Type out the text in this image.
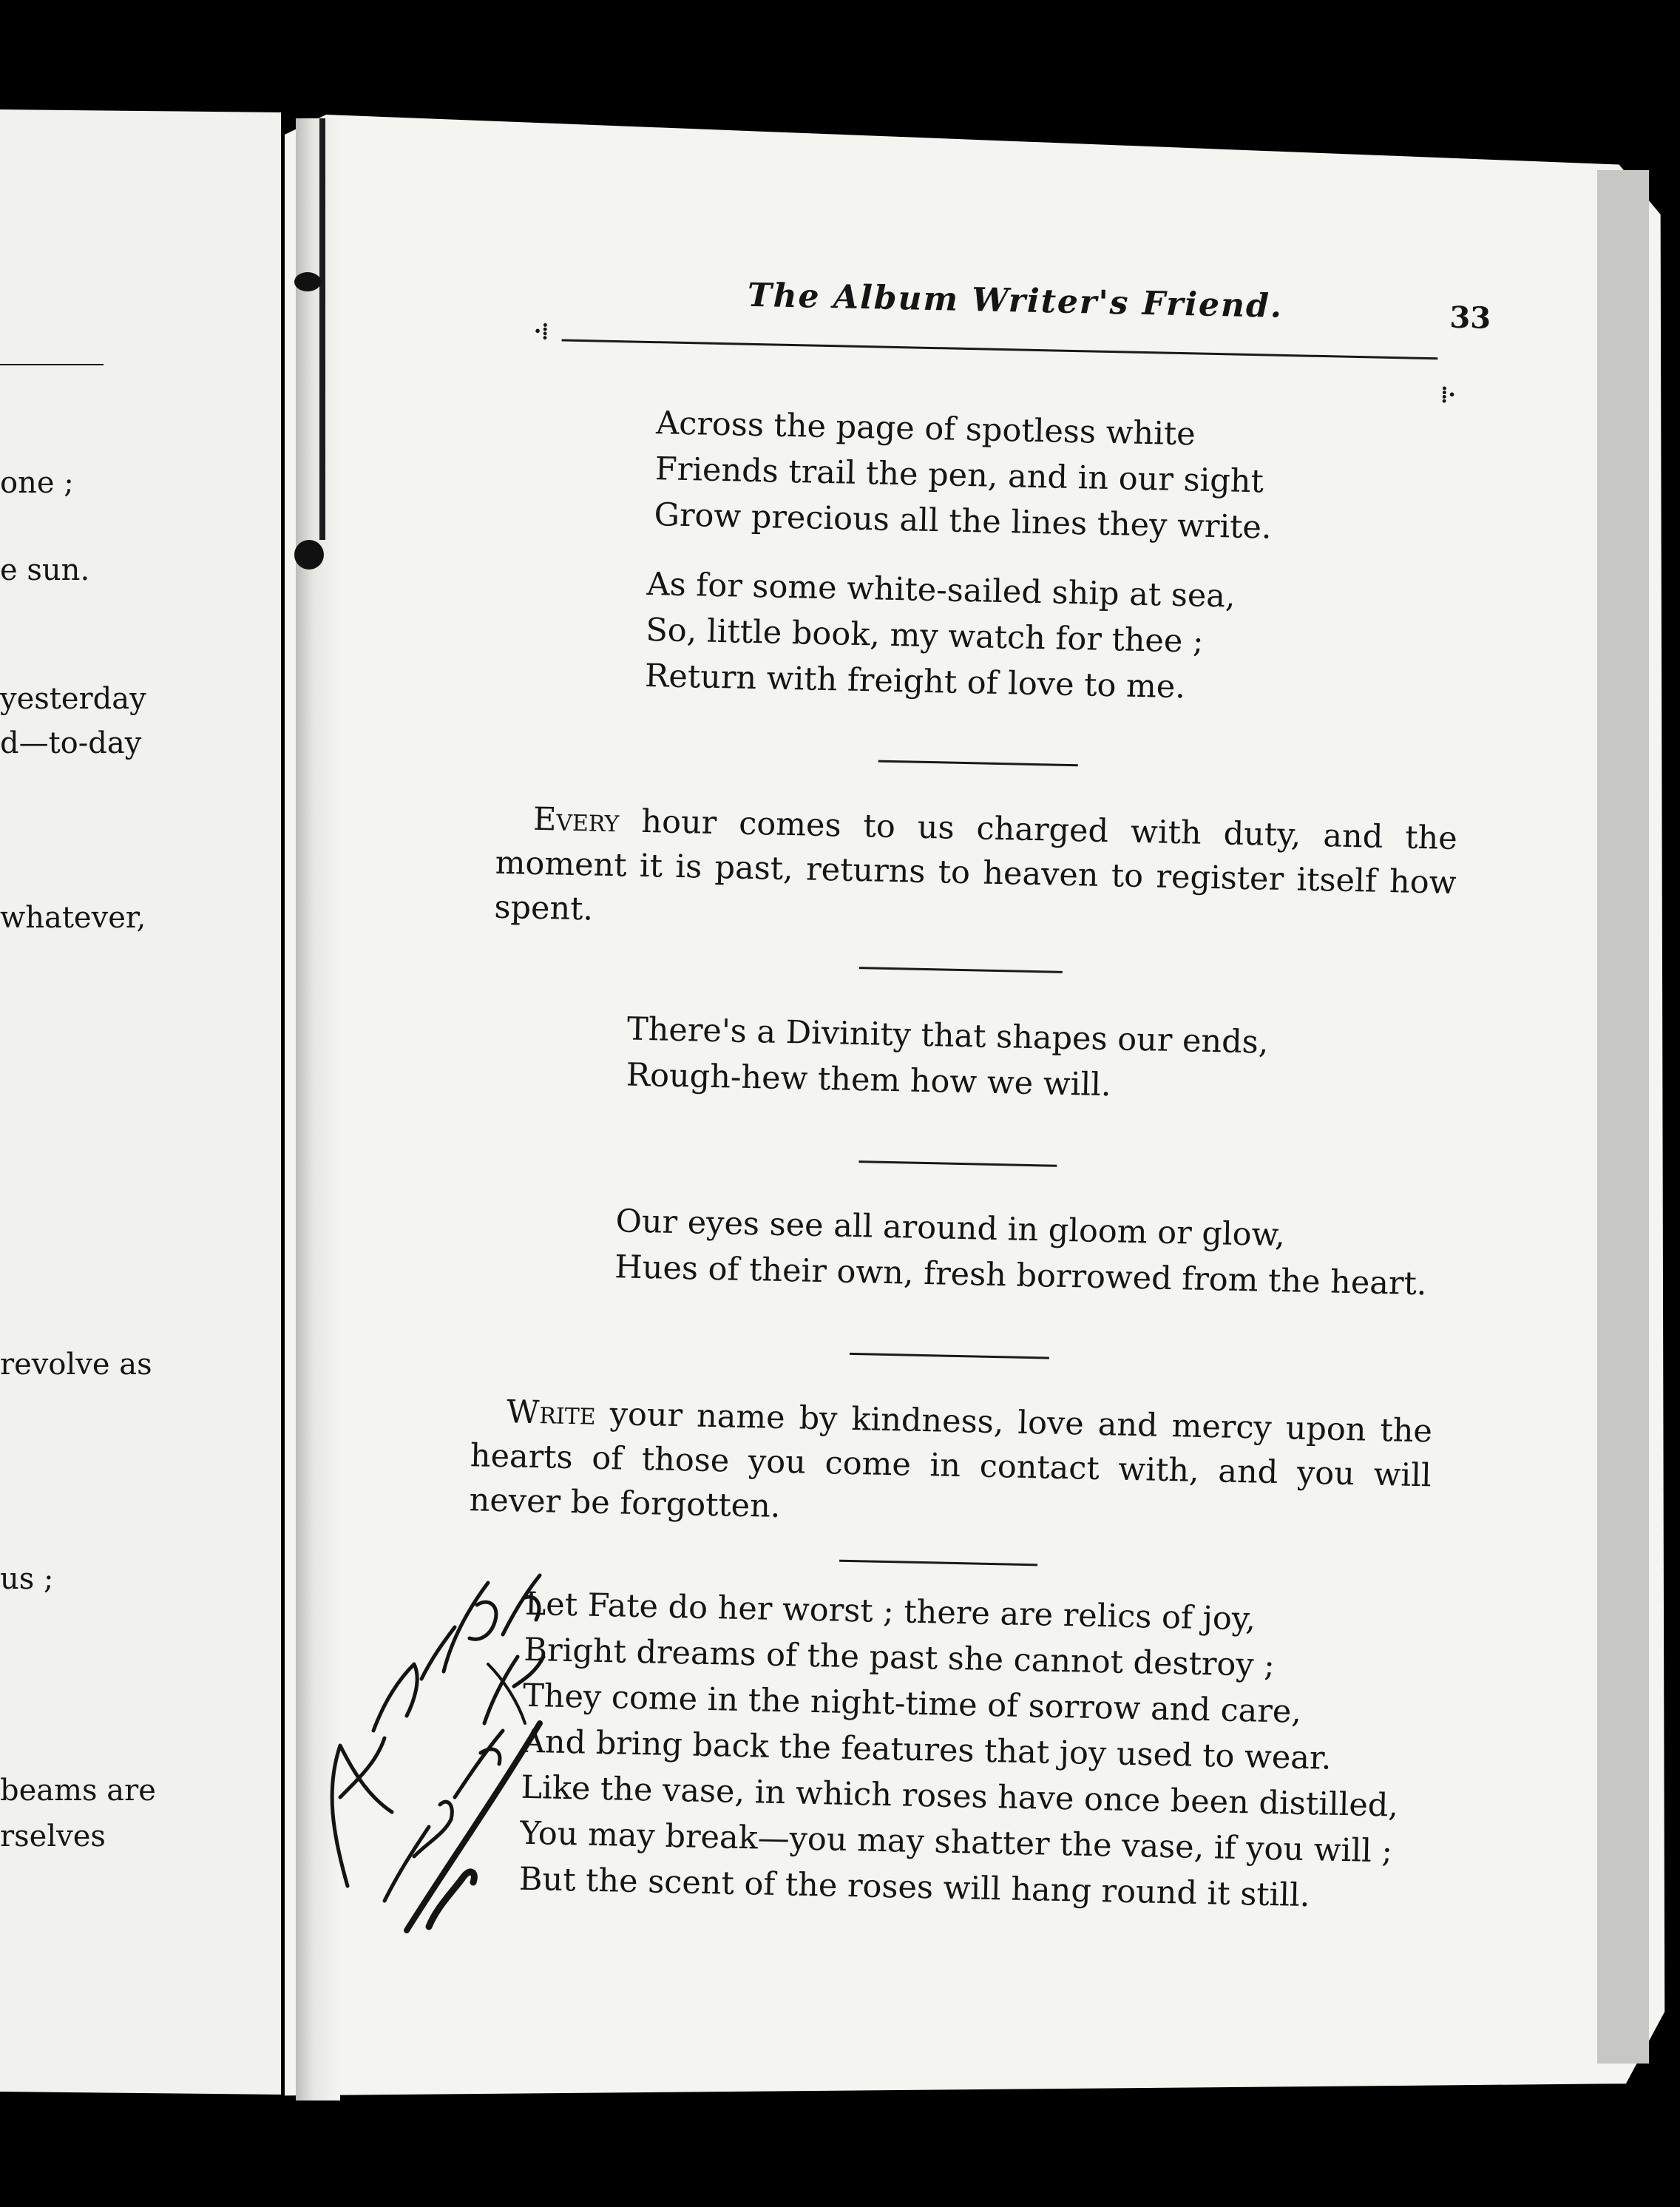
one ;
e sun.
yesterday
d—to-day
whatever,
revolve as
us ;
beams are
rselves
The Album Writer's Friend.	33
·⁞
⁞·
Across the page of spotless white
Friends trail the pen, and in our sight
Grow precious all the lines they write.
As for some white-sailed ship at sea,
So, little book, my watch for thee ;
Return with freight of love to me.
Every hour comes to us charged with duty, and the moment it is past, returns to heaven to register itself how spent.
There's a Divinity that shapes our ends,
Rough-hew them how we will.
Our eyes see all around in gloom or glow,
Hues of their own, fresh borrowed from the heart.
Write your name by kindness, love and mercy upon the hearts of those you come in contact with, and you will never be forgotten.
Let Fate do her worst ; there are relics of joy,
Bright dreams of the past she cannot destroy ;
They come in the night-time of sorrow and care,
And bring back the features that joy used to wear.
Like the vase, in which roses have once been distilled,
You may break—you may shatter the vase, if you will ;
But the scent of the roses will hang round it still.
